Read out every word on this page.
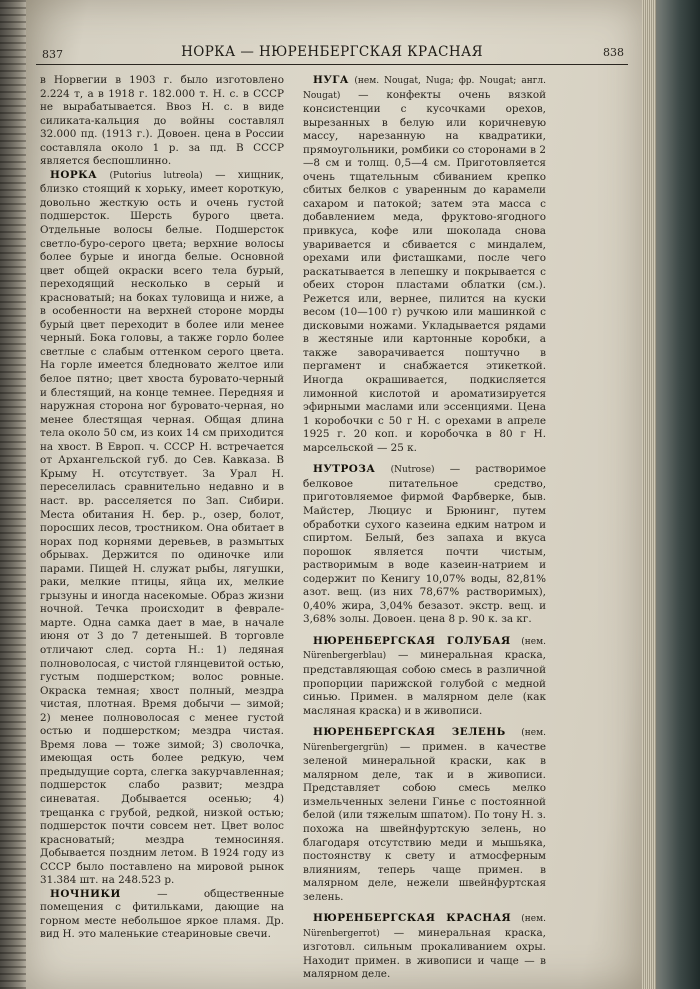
837	НОРКА — НЮРЕНБЕРГСКАЯ КРАСНАЯ	838

в Норвегии в 1903 г. было изготовлено 2.224 т, а в 1918 г. 182.000 т. Н. с. в СССР не вырабатывается. Ввоз Н. с. в виде силиката-кальция до войны составлял 32.000 пд. (1913 г.). Довоен. цена в России составляла около 1 р. за пд. В СССР является беспошлинно.

НОРКА (Putorius lutreola) — хищник, близко стоящий к хорьку, имеет короткую, довольно жесткую ость и очень густой подшерсток. Шерсть бурого цвета. Отдельные волосы белые. Подшерсток светло-буро-серого цвета; верхние волосы более бурые и иногда белые. Основной цвет общей окраски всего тела бурый, переходящий несколько в серый и красноватый; на боках туловища и ниже, а в особенности на верхней стороне морды бурый цвет переходит в более или менее черный. Бока головы, а также горло более светлые с слабым оттенком серого цвета. На горле имеется бледновато желтое или белое пятно; цвет хвоста буровато-черный и блестящий, на конце темнее. Передняя и наружная сторона ног буровато-черная, но менее блестящая черная. Общая длина тела около 50 см, из коих 14 см приходится на хвост. В Европ. ч. СССР Н. встречается от Архангельской губ. до Сев. Кавказа. В Крыму Н. отсутствует. За Урал Н. переселилась сравнительно недавно и в наст. вр. расселяется по Зап. Сибири. Места обитания Н. бер. р., озер, болот, поросших лесов, тростником. Она обитает в норах под корнями деревьев, в размытых обрывах. Держится по одиночке или парами. Пищей Н. служат рыбы, лягушки, раки, мелкие птицы, яйца их, мелкие грызуны и иногда насекомые. Образ жизни ночной. Течка происходит в феврале-марте. Одна самка дает в мае, в начале июня от 3 до 7 детенышей. В торговле отличают след. сорта Н.: 1) ледяная полноволосая, с чистой глянцевитой остью, густым подшерстком; волос ровные. Окраска темная; хвост полный, мездра чистая, плотная. Время добычи — зимой; 2) менее полноволосая с менее густой остью и подшерстком; мездра чистая. Время лова — тоже зимой; 3) сволочка, имеющая ость более редкую, чем предыдущие сорта, слегка закурчавленная; подшерсток слабо развит; мездра синеватая. Добывается осенью; 4) трещанка с грубой, редкой, низкой остью; подшерсток почти совсем нет. Цвет волос красноватый; мездра темносиняя. Добывается поздним летом. В 1924 году из СССР было поставлено на мировой рынок 31.384 шт. на 248.523 р.

НОЧНИКИ	— общественные помещения с фитильками, дающие на горном месте небольшое яркое пламя. Др. вид Н. это маленькие стеариновые свечи.

НУГА (нем. Nougat, Nuga; фр. Nougat; англ. Nougat) — конфекты очень вязкой консистенции с кусочками орехов, вырезанных в белую или коричневую массу, нарезанную на квадратики, прямоугольники, ромбики со сторонами в 2—8 см и толщ. 0,5—4 см. Приготовляется очень тщательным сбиванием крепко сбитых белков с уваренным до карамели сахаром и патокой; затем эта масса с добавлением меда, фруктово-ягодного привкуса, кофе или шоколада снова уваривается и сбивается с миндалем, орехами или фисташками, после чего раскатывается в лепешку и покрывается с обеих сторон пластами облатки (см.). Режется или, вернее, пилится на куски весом (10—100 г) ручкою или машинкой с дисковыми ножами. Укладывается рядами в жестяные или картонные коробки, а также заворачивается поштучно в пергамент и снабжается этикеткой. Иногда окрашивается, подкисляется лимонной кислотой и ароматизируется эфирными маслами или эссенциями. Цена 1 коробочки с 50 г Н. с орехами в апреле 1925 г. 20 коп. и коробочка в 80 г Н. марсельской — 25 к.

НУТРОЗА (Nutrose) — растворимое белковое питательное средство, приготовляемое фирмой Фарбверке, быв. Майстер, Люциус и Брюнинг, путем обработки сухого казеина едким натром и спиртом. Белый, без запаха и вкуса порошок является почти чистым, растворимым в воде казеин-натрием и содержит по Кенигу 10,07% воды, 82,81% азот. вещ. (из них 78,67% растворимых), 0,40% жира, 3,04% безазот. экстр. вещ. и 3,68% золы. Довоен. цена 8 р. 90 к. за кг.

НЮРЕНБЕРГСКАЯ ГОЛУБАЯ (нем. Nürenbergerblau) — минеральная краска, представляющая собою смесь в различной пропорции парижской голубой с медной синью. Примен. в малярном деле (как масляная краска) и в живописи.

НЮРЕНБЕРГСКАЯ ЗЕЛЕНЬ (нем. Nürenbergergrün) — примен. в качестве зеленой минеральной краски, как в малярном деле, так и в живописи. Представляет собою смесь мелко измельченных зелени Гинье с постоянной белой (или тяжелым шпатом). По тону Н. з. похожа на швейнфуртскую зелень, но благодаря отсутствию меди и мышьяка, постоянству к свету и атмосферным влияниям, теперь чаще примен. в малярном деле, нежели швейнфуртская зелень.

НЮРЕНБЕРГСКАЯ КРАСНАЯ (нем. Nürenbergerrot) — минеральная краска, изготовл. сильным прокаливанием охры. Находит примен. в живописи и чаще — в малярном деле.
